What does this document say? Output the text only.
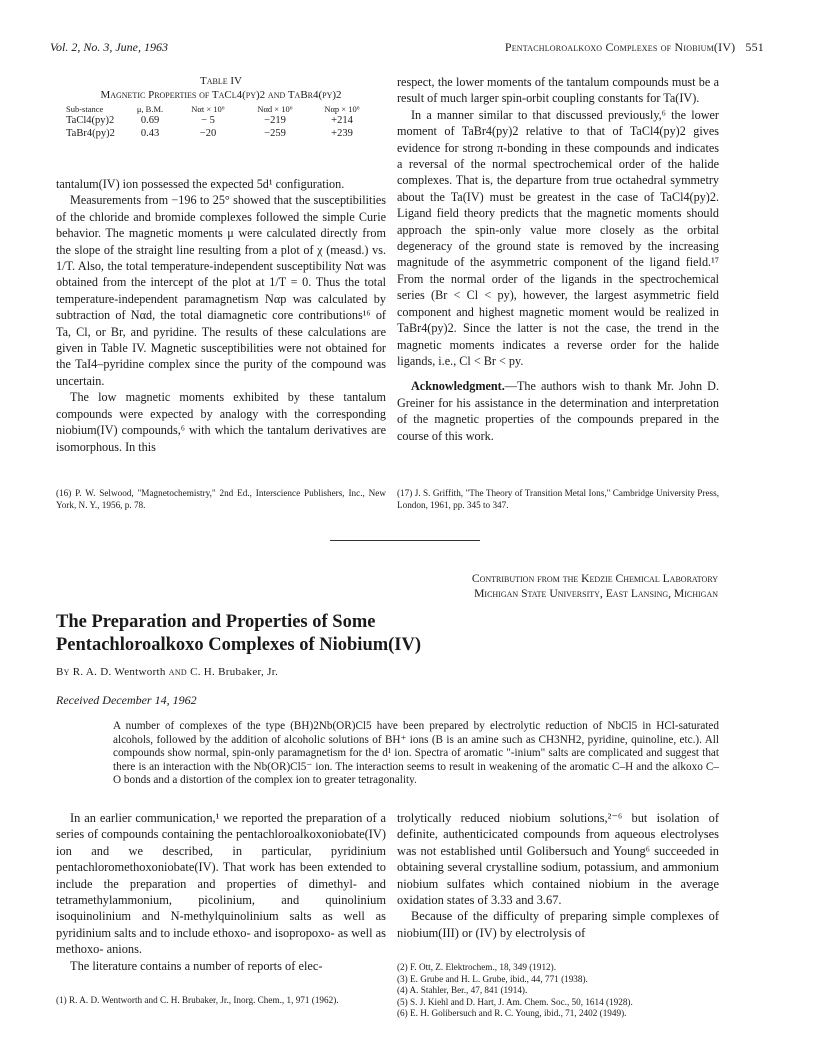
Vol. 2, No. 3, June, 1963	Pentachloroalkoxo Complexes of Niobium(IV) 551
Table IV
Magnetic Properties of TaCl4(py)2 and TaBr4(py)2
Sub-stance	μ, B.M.	Nαt × 10⁶	Nαd × 10⁶	Nαp × 10⁶
TaCl4(py)2	0.69	− 5	−219	+214
TaBr4(py)2	0.43	−20	−259	+239

tantalum(IV) ion possessed the expected 5d¹ configuration.

Measurements from −196 to 25° showed that the susceptibilities of the chloride and bromide complexes followed the simple Curie behavior. The magnetic moments μ were calculated directly from the slope of the straight line resulting from a plot of χ (measd.) vs. 1/T. Also, the total temperature-independent susceptibility Nαt was obtained from the intercept of the plot at 1/T = 0. Thus the total temperature-independent paramagnetism Nαp was calculated by subtraction of Nαd, the total diamagnetic core contributions¹⁶ of Ta, Cl, or Br, and pyridine. The results of these calculations are given in Table IV. Magnetic susceptibilities were not obtained for the TaI4–pyridine complex since the purity of the compound was uncertain.

The low magnetic moments exhibited by these tantalum compounds were expected by analogy with the corresponding niobium(IV) compounds,⁶ with which the tantalum derivatives are isomorphous. In this

(16) P. W. Selwood, "Magnetochemistry," 2nd Ed., Interscience Publishers, Inc., New York, N. Y., 1956, p. 78.

respect, the lower moments of the tantalum compounds must be a result of much larger spin-orbit coupling constants for Ta(IV).

In a manner similar to that discussed previously,⁶ the lower moment of TaBr4(py)2 relative to that of TaCl4(py)2 gives evidence for strong π-bonding in these compounds and indicates a reversal of the normal spectrochemical order of the halide complexes. That is, the departure from true octahedral symmetry about the Ta(IV) must be greatest in the case of TaCl4(py)2. Ligand field theory predicts that the magnetic moments should approach the spin-only value more closely as the orbital degeneracy of the ground state is removed by the increasing magnitude of the asymmetric component of the ligand field.¹⁷ From the normal order of the ligands in the spectrochemical series (Br < Cl < py), however, the largest asymmetric field component and highest magnetic moment would be realized in TaBr4(py)2. Since the latter is not the case, the trend in the magnetic moments indicates a reverse order for the halide ligands, i.e., Cl < Br < py.

Acknowledgment.—The authors wish to thank Mr. John D. Greiner for his assistance in the determination and interpretation of the magnetic properties of the compounds prepared in the course of this work.

(17) J. S. Griffith, "The Theory of Transition Metal Ions," Cambridge University Press, London, 1961, pp. 345 to 347.
Contribution from the Kedzie Chemical Laboratory
Michigan State University, East Lansing, Michigan
The Preparation and Properties of Some
Pentachloroalkoxo Complexes of Niobium(IV)
By R. A. D. Wentworth and C. H. Brubaker, Jr.
Received December 14, 1962
A number of complexes of the type (BH)2Nb(OR)Cl5 have been prepared by electrolytic reduction of NbCl5 in HCl-saturated alcohols, followed by the addition of alcoholic solutions of BH⁺ ions (B is an amine such as CH3NH2, pyridine, quinoline, etc.). All compounds show normal, spin-only paramagnetism for the d¹ ion. Spectra of aromatic "-inium" salts are complicated and suggest that there is an interaction with the Nb(OR)Cl5⁻ ion. The interaction seems to result in weakening of the aromatic C–H and the alkoxo C–O bonds and a distortion of the complex ion to greater tetragonality.

In an earlier communication,¹ we reported the preparation of a series of compounds containing the pentachloroalkoxoniobate(IV) ion and we described, in particular, pyridinium pentachloromethoxoniobate(IV). That work has been extended to include the preparation and properties of dimethyl- and tetramethylammonium, picolinium, and quinolinium isoquinolinium and N-methylquinolinium salts as well as pyridinium salts and to include ethoxo- and isopropoxo- as well as methoxo- anions.

The literature contains a number of reports of elec-

(1) R. A. D. Wentworth and C. H. Brubaker, Jr., Inorg. Chem., 1, 971 (1962).

trolytically reduced niobium solutions,²⁻⁶ but isolation of definite, authenticicated compounds from aqueous electrolyses was not established until Golibersuch and Young⁶ succeeded in obtaining several crystalline sodium, potassium, and ammonium niobium sulfates which contained niobium in the average oxidation states of 3.33 and 3.67.

Because of the difficulty of preparing simple complexes of niobium(III) or (IV) by electrolysis of

(2) F. Ott, Z. Elektrochem., 18, 349 (1912).
(3) E. Grube and H. L. Grube, ibid., 44, 771 (1938).
(4) A. Stahler, Ber., 47, 841 (1914).
(5) S. J. Kiehl and D. Hart, J. Am. Chem. Soc., 50, 1614 (1928).
(6) E. H. Golibersuch and R. C. Young, ibid., 71, 2402 (1949).
